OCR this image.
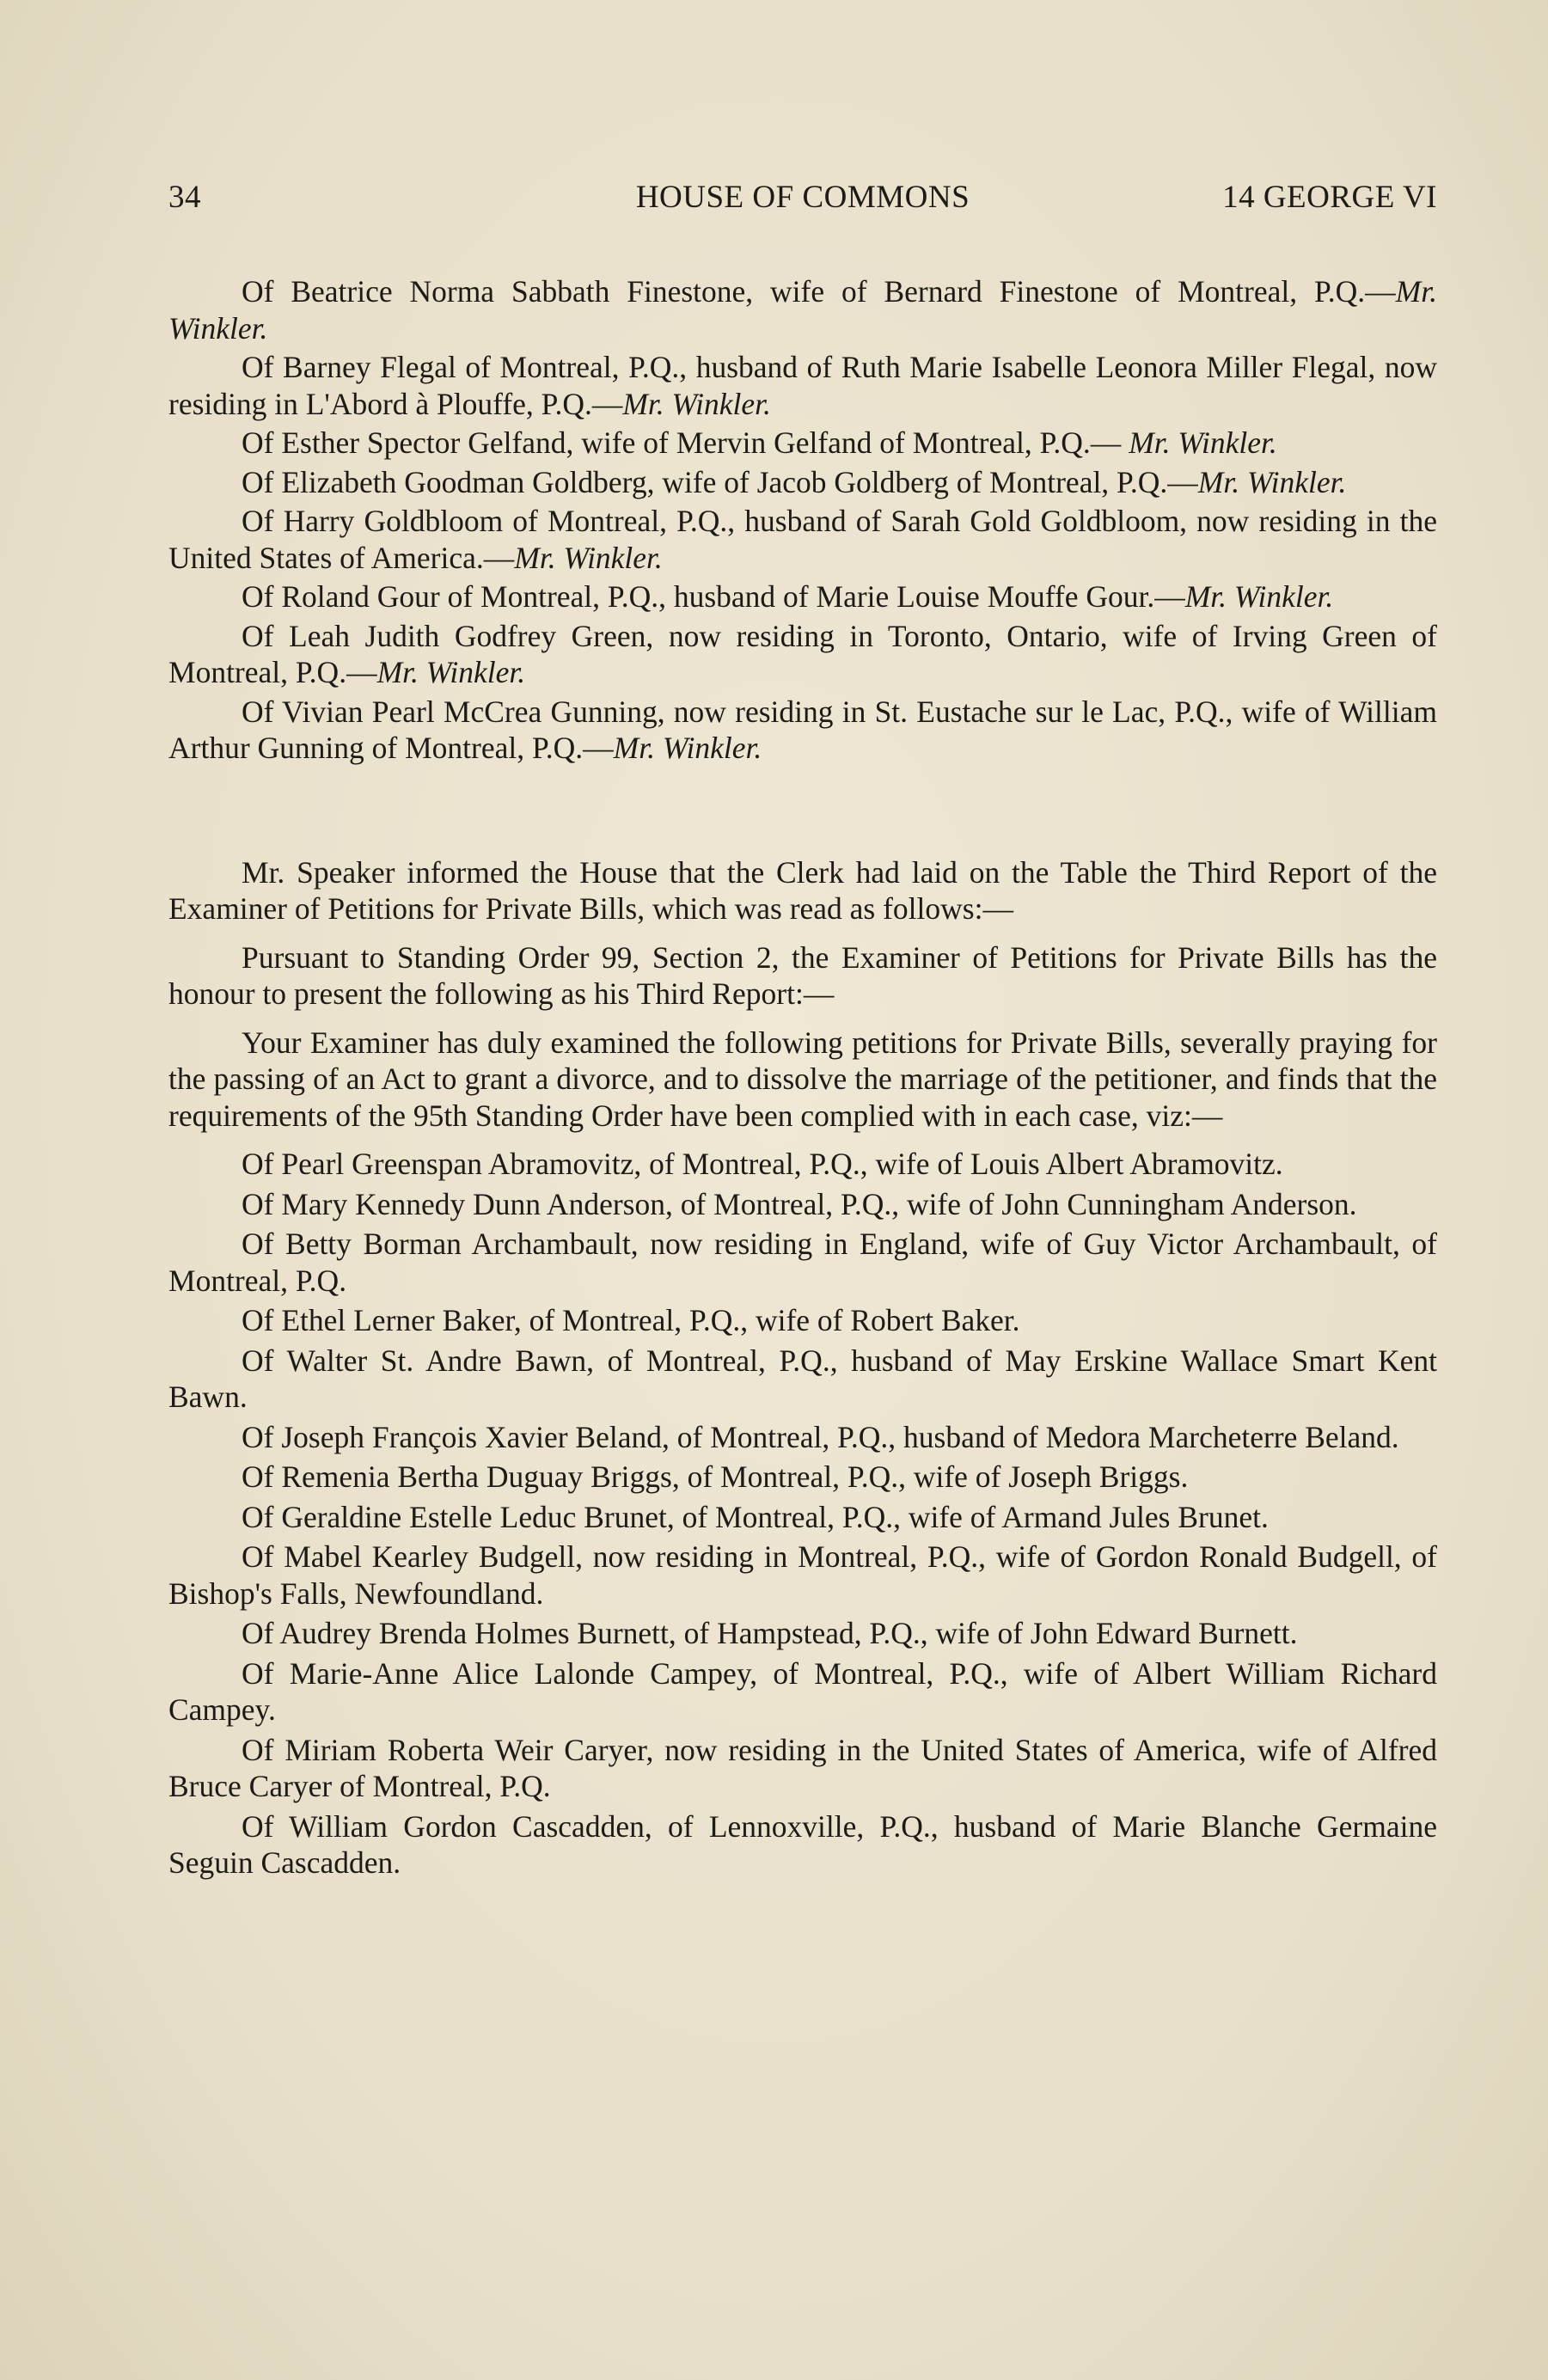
34	HOUSE OF COMMONS	14 GEORGE VI

Of Beatrice Norma Sabbath Finestone, wife of Bernard Finestone of Montreal, P.Q.—Mr. Winkler.

Of Barney Flegal of Montreal, P.Q., husband of Ruth Marie Isabelle Leonora Miller Flegal, now residing in L'Abord à Plouffe, P.Q.—Mr. Winkler.

Of Esther Spector Gelfand, wife of Mervin Gelfand of Montreal, P.Q.— Mr. Winkler.

Of Elizabeth Goodman Goldberg, wife of Jacob Goldberg of Montreal, P.Q.—Mr. Winkler.

Of Harry Goldbloom of Montreal, P.Q., husband of Sarah Gold Goldbloom, now residing in the United States of America.—Mr. Winkler.

Of Roland Gour of Montreal, P.Q., husband of Marie Louise Mouffe Gour.—Mr. Winkler.

Of Leah Judith Godfrey Green, now residing in Toronto, Ontario, wife of Irving Green of Montreal, P.Q.—Mr. Winkler.

Of Vivian Pearl McCrea Gunning, now residing in St. Eustache sur le Lac, P.Q., wife of William Arthur Gunning of Montreal, P.Q.—Mr. Winkler.

Mr. Speaker informed the House that the Clerk had laid on the Table the Third Report of the Examiner of Petitions for Private Bills, which was read as follows:—

Pursuant to Standing Order 99, Section 2, the Examiner of Petitions for Private Bills has the honour to present the following as his Third Report:—

Your Examiner has duly examined the following petitions for Private Bills, severally praying for the passing of an Act to grant a divorce, and to dissolve the marriage of the petitioner, and finds that the requirements of the 95th Standing Order have been complied with in each case, viz:—

Of Pearl Greenspan Abramovitz, of Montreal, P.Q., wife of Louis Albert Abramovitz.

Of Mary Kennedy Dunn Anderson, of Montreal, P.Q., wife of John Cunningham Anderson.

Of Betty Borman Archambault, now residing in England, wife of Guy Victor Archambault, of Montreal, P.Q.

Of Ethel Lerner Baker, of Montreal, P.Q., wife of Robert Baker.

Of Walter St. Andre Bawn, of Montreal, P.Q., husband of May Erskine Wallace Smart Kent Bawn.

Of Joseph François Xavier Beland, of Montreal, P.Q., husband of Medora Marcheterre Beland.

Of Remenia Bertha Duguay Briggs, of Montreal, P.Q., wife of Joseph Briggs.

Of Geraldine Estelle Leduc Brunet, of Montreal, P.Q., wife of Armand Jules Brunet.

Of Mabel Kearley Budgell, now residing in Montreal, P.Q., wife of Gordon Ronald Budgell, of Bishop's Falls, Newfoundland.

Of Audrey Brenda Holmes Burnett, of Hampstead, P.Q., wife of John Edward Burnett.

Of Marie-Anne Alice Lalonde Campey, of Montreal, P.Q., wife of Albert William Richard Campey.

Of Miriam Roberta Weir Caryer, now residing in the United States of America, wife of Alfred Bruce Caryer of Montreal, P.Q.

Of William Gordon Cascadden, of Lennoxville, P.Q., husband of Marie Blanche Germaine Seguin Cascadden.
